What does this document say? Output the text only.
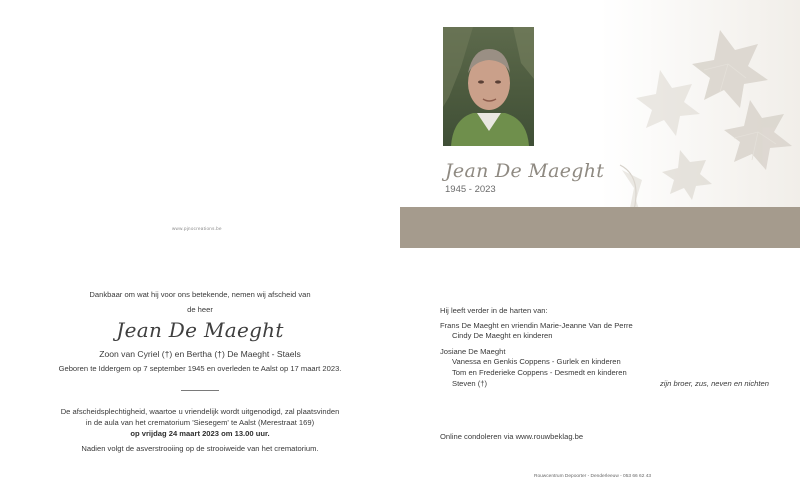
www.pi̧nocreations.be
Dankbaar om wat hij voor ons betekende, nemen wij afscheid van
de heer
Jean De Maeght
Zoon van Cyriel (†) en Bertha (†) De Maeght - Staels
Geboren te Iddergem op 7 september 1945 en overleden te Aalst op 17 maart 2023.
De afscheidsplechtigheid, waartoe u vriendelijk wordt uitgenodigd, zal plaatsvinden
in de aula van het crematorium 'Siesegem' te Aalst (Merestraat 169)
op vrijdag 24 maart 2023 om 13.00 uur.
Nadien volgt de asverstrooiing op de strooiweide van het crematorium.
Jean De Maeght
1945 - 2023
Hij leeft verder in de harten van:
Frans De Maeght en vriendin Marie-Jeanne Van de Perre
Cindy De Maeght en kinderen
Josiane De Maeght
Vanessa en Genkis Coppens - Gurlek en kinderen
Tom en Frederieke Coppens - Desmedt en kinderen
Steven (†)	zijn broer, zus, neven en nichten
Online condoleren via www.rouwbeklag.be
Rouwcentrum Depoorter - Denderleeuw - 053 66 62 43
